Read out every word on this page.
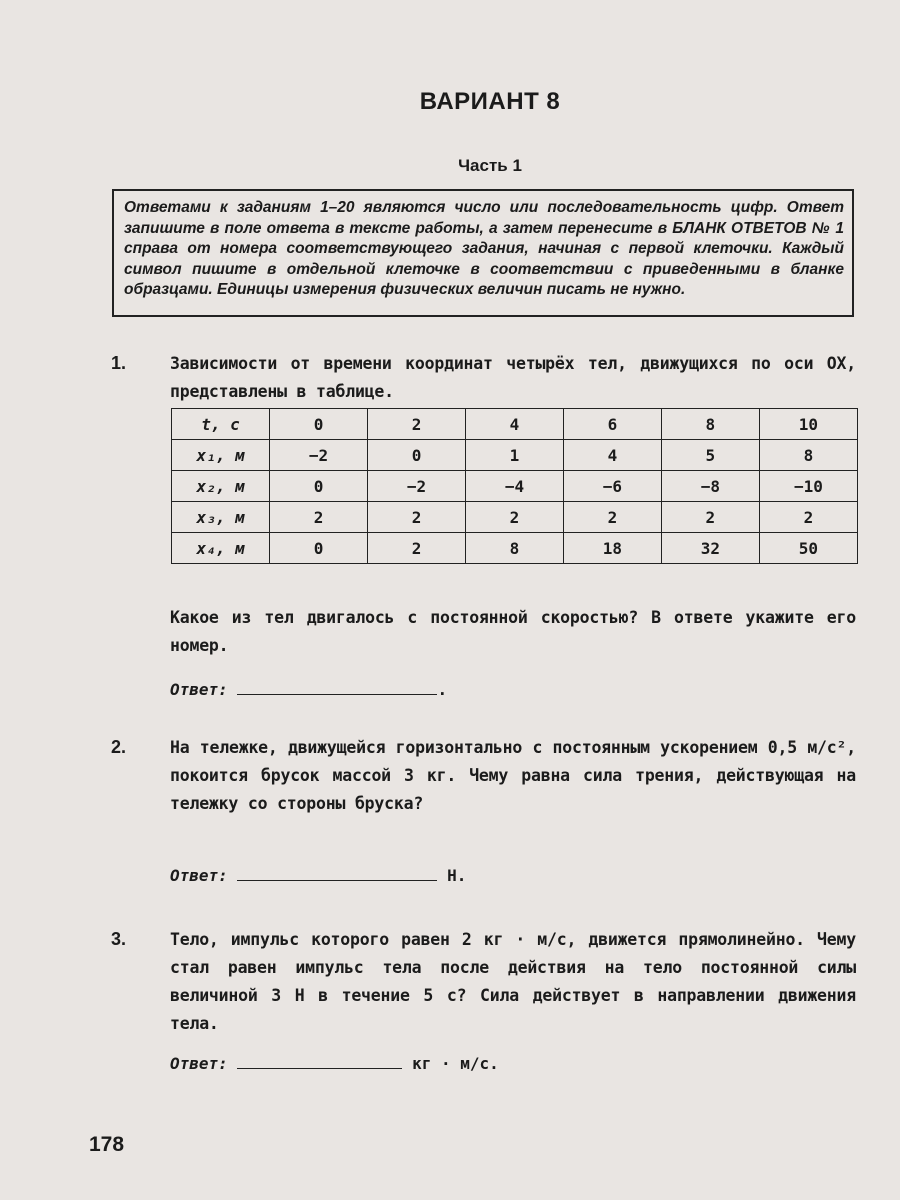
ВАРИАНТ 8
Часть 1
Ответами к заданиям 1–20 являются число или последовательность цифр. Ответ запишите в поле ответа в тексте работы, а затем перенесите в БЛАНК ОТВЕТОВ № 1 справа от номера соответствующего задания, начиная с первой клеточки. Каждый символ пишите в отдельной клеточке в соответствии с приведенными в бланке образцами. Единицы измерения физических величин писать не нужно.
1.	Зависимости от времени координат четырёх тел, движущихся по оси OX, представлены в таблице.
t, с	0	2	4	6	8	10
x₁, м	−2	0	1	4	5	8
x₂, м	0	−2	−4	−6	−8	−10
x₃, м	2	2	2	2	2	2
x₄, м	0	2	8	18	32	50
Какое из тел двигалось с постоянной скоростью? В ответе укажите его номер.
Ответ:	.
2.	На тележке, движущейся горизонтально с постоянным ускорением 0,5 м/с², покоится брусок массой 3 кг. Чему равна сила трения, действующая на тележку со стороны бруска?
Ответ:	Н.
3.	Тело, импульс которого равен 2 кг · м/с, движется прямолинейно. Чему стал равен импульс тела после действия на тело постоянной силы величиной 3 Н в течение 5 с? Сила действует в направлении движения тела.
Ответ:	кг · м/с.
178
